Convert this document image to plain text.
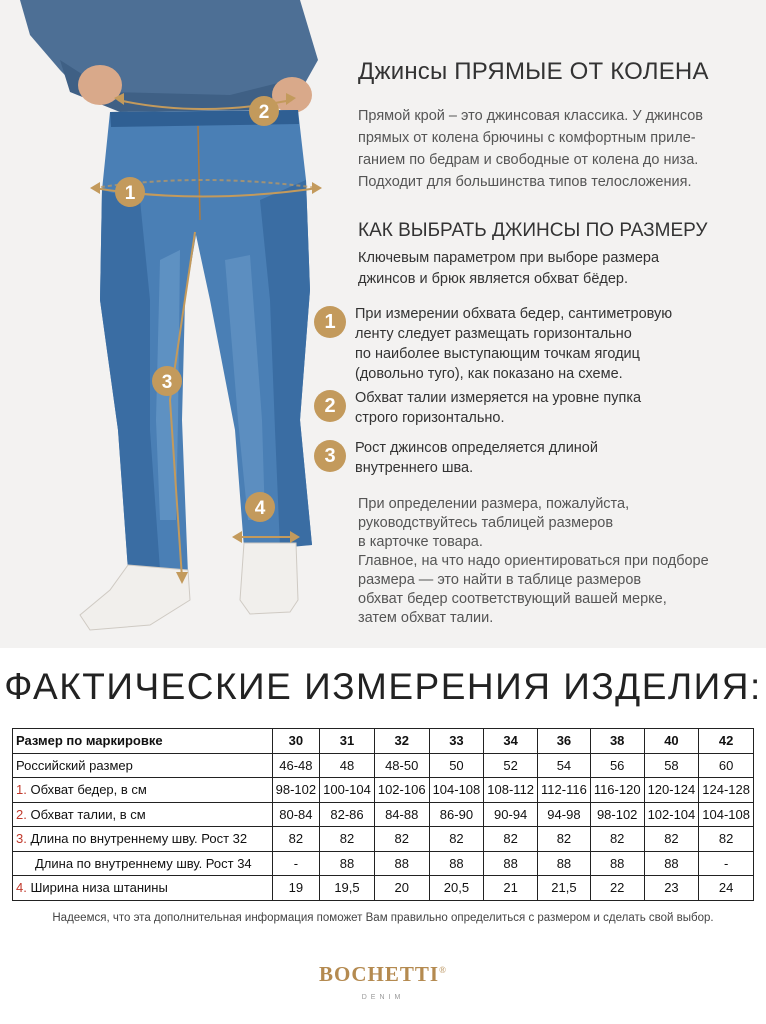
1
2
3
4
Джинсы ПРЯМЫЕ ОТ КОЛЕНА
Прямой крой – это джинсовая классика. У джинсов
прямых от колена брючины с комфортным приле-
ганием по бедрам и свободные от колена до низа.
Подходит для большинства типов телосложения.
КАК ВЫБРАТЬ ДЖИНСЫ ПО РАЗМЕРУ
Ключевым параметром при выборе размера
джинсов и брюк является обхват бёдер.
1	При измерении обхвата бедер, сантиметровую
ленту следует размещать горизонтально
по наиболее выступающим точкам ягодиц
(довольно туго), как показано на схеме.
2	Обхват талии измеряется на уровне пупка
строго горизонтально.
3	Рост джинсов определяется длиной
внутреннего шва.
При определении размера, пожалуйста,
руководствуйтесь таблицей размеров
в карточке товара.
Главное, на что надо ориентироваться при подборе
размера — это найти в таблице размеров
обхват бедер соответствующий вашей мерке,
затем обхват талии.
ФАКТИЧЕСКИЕ ИЗМЕРЕНИЯ ИЗДЕЛИЯ:
Размер по маркировке	30	31	32	33	34	36	38	40	42
Российский размер	46-48	48	48-50	50	52	54	56	58	60
1. Обхват бедер, в см	98-102	100-104	102-106	104-108	108-112	112-116	116-120	120-124	124-128
2. Обхват талии, в см	80-84	82-86	84-88	86-90	90-94	94-98	98-102	102-104	104-108
3. Длина по внутреннему шву. Рост 32	82	82	82	82	82	82	82	82	82
Длина по внутреннему шву. Рост 34	-	88	88	88	88	88	88	88	-
4. Ширина низа штанины	19	19,5	20	20,5	21	21,5	22	23	24
Надеемся, что эта дополнительная информация поможет Вам правильно определиться с размером и сделать свой выбор.
BOCHETTI®
DENIM
